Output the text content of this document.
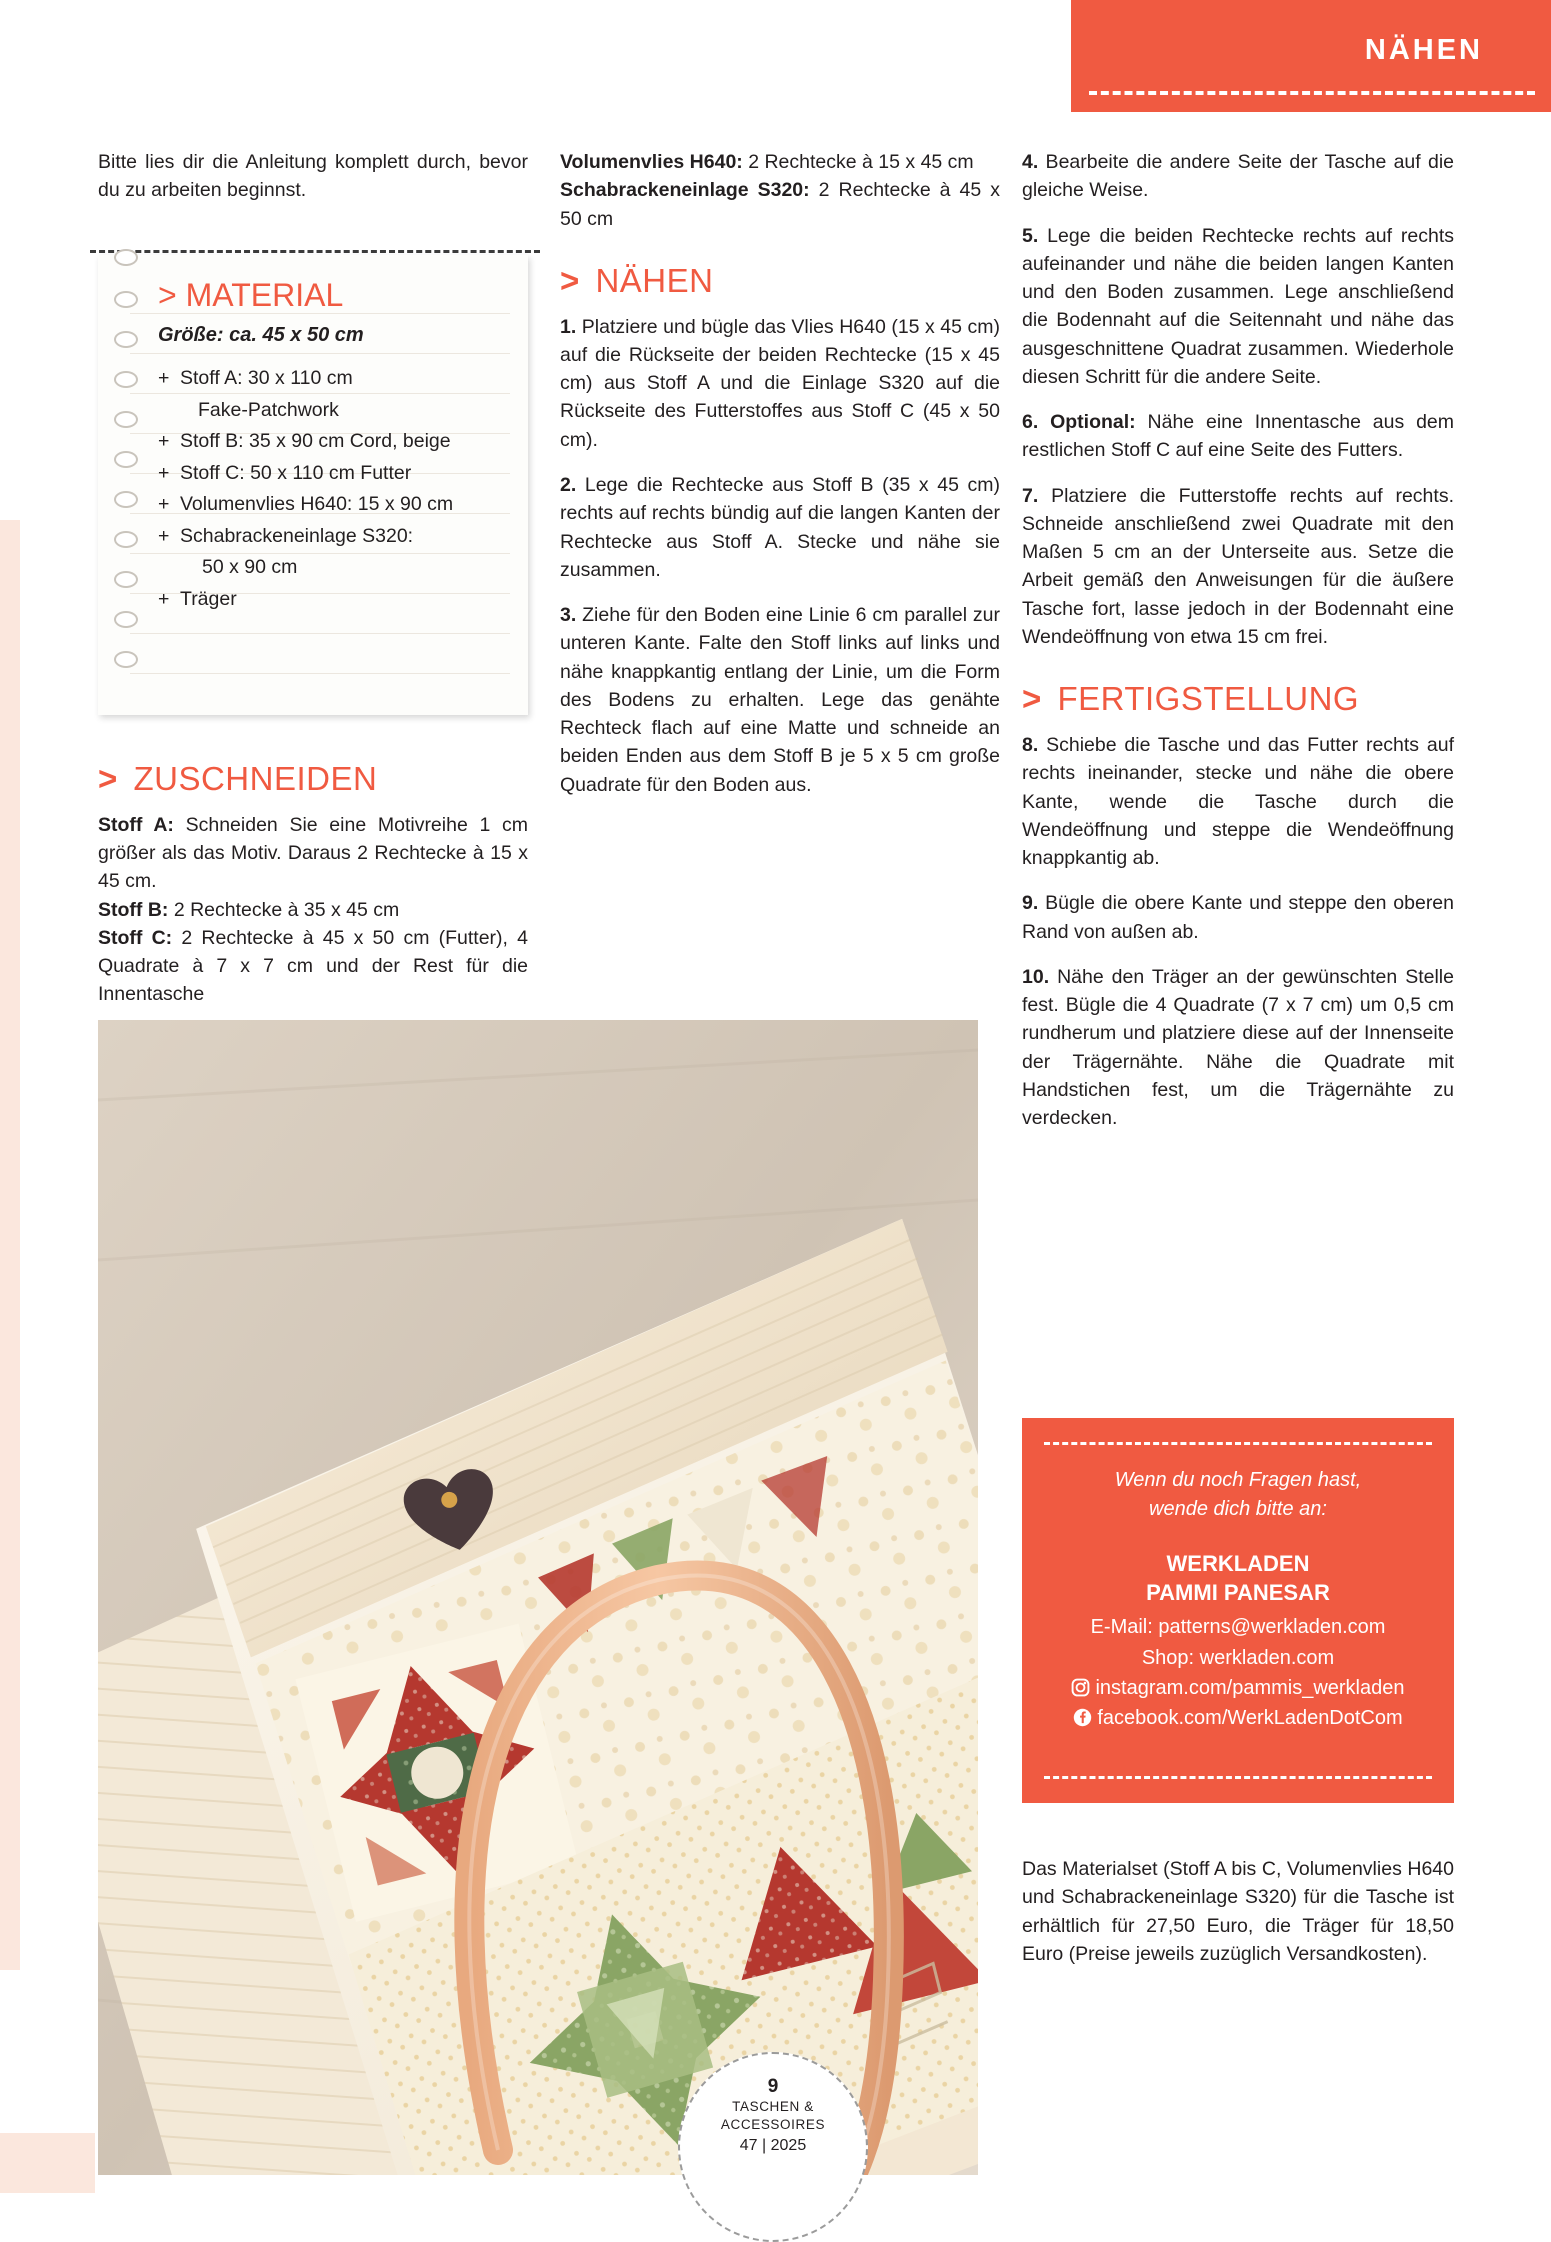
NÄHEN

Bitte lies dir die Anleitung komplett durch, bevor du zu arbeiten beginnst.

> MATERIAL
Größe: ca. 45 x 50 cm
+ Stoff A: 30 x 110 cm
Fake-Patchwork
+ Stoff B: 35 x 90 cm Cord, beige
+ Stoff C: 50 x 110 cm Futter
+ Volumenvlies H640: 15 x 90 cm
+ Schabrackeneinlage S320:
50 x 90 cm
+ Träger
> ZUSCHNEIDEN

Stoff A: Schneiden Sie eine Motivreihe 1 cm größer als das Motiv. Daraus 2 Rechtecke à 15 x 45 cm.

Stoff B: 2 Rechtecke à 35 x 45 cm

Stoff C: 2 Rechtecke à 45 x 50 cm (Futter), 4 Quadrate à 7 x 7 cm und der Rest für die Innentasche

Volumenvlies H640: 2 Rechtecke à 15 x 45 cm

Schabrackeneinlage S320: 2 Rechtecke à 45 x 50 cm

> NÄHEN

1. Platziere und bügle das Vlies H640 (15 x 45 cm) auf die Rückseite der beiden Rechtecke (15 x 45 cm) aus Stoff A und die Einlage S320 auf die Rückseite des Futterstoffes aus Stoff C (45 x 50 cm).

2. Lege die Rechtecke aus Stoff B (35 x 45 cm) rechts auf rechts bündig auf die langen Kanten der Rechtecke aus Stoff A. Stecke und nähe sie zusammen.

3. Ziehe für den Boden eine Linie 6 cm parallel zur unteren Kante. Falte den Stoff links auf links und nähe knappkantig entlang der Linie, um die Form des Bodens zu erhalten. Lege das genähte Rechteck flach auf eine Matte und schneide an beiden Enden aus dem Stoff B je 5 x 5 cm große Quadrate für den Boden aus.

4. Bearbeite die andere Seite der Tasche auf die gleiche Weise.

5. Lege die beiden Rechtecke rechts auf rechts aufeinander und nähe die beiden langen Kanten und den Boden zusammen. Lege anschließend die Bodennaht auf die Seitennaht und nähe das ausgeschnittene Quadrat zusammen. Wiederhole diesen Schritt für die andere Seite.

6. Optional: Nähe eine Innentasche aus dem restlichen Stoff C auf eine Seite des Futters.

7. Platziere die Futterstoffe rechts auf rechts. Schneide anschließend zwei Quadrate mit den Maßen 5 cm an der Unterseite aus. Setze die Arbeit gemäß den Anweisungen für die äußere Tasche fort, lasse jedoch in der Bodennaht eine Wendeöffnung von etwa 15 cm frei.

> FERTIGSTELLUNG

8. Schiebe die Tasche und das Futter rechts auf rechts ineinander, stecke und nähe die obere Kante, wende die Tasche durch die Wendeöffnung und steppe die Wendeöffnung knappkantig ab.

9. Bügle die obere Kante und steppe den oberen Rand von außen ab.

10. Nähe den Träger an der gewünschten Stelle fest. Bügle die 4 Quadrate (7 x 7 cm) um 0,5 cm rundherum und platziere diese auf der Innenseite der Trägernähte. Nähe die Quadrate mit Handstichen fest, um die Trägernähte zu verdecken.

Wenn du noch Fragen hast,

wende dich bitte an:

WERKLADEN

PAMMI PANESAR

E-Mail: patterns@werkladen.com

Shop: werkladen.com

instagram.com/pammis_werkladen

facebook.com/WerkLadenDotCom

Das Materialset (Stoff A bis C, Volumenvlies H640 und Schabrackeneinlage S320) für die Tasche ist erhältlich für 27,50 Euro, die Träger für 18,50 Euro (Preise jeweils zuzüglich Versandkosten).
9
TASCHEN &
ACCESSOIRES
47 | 2025
